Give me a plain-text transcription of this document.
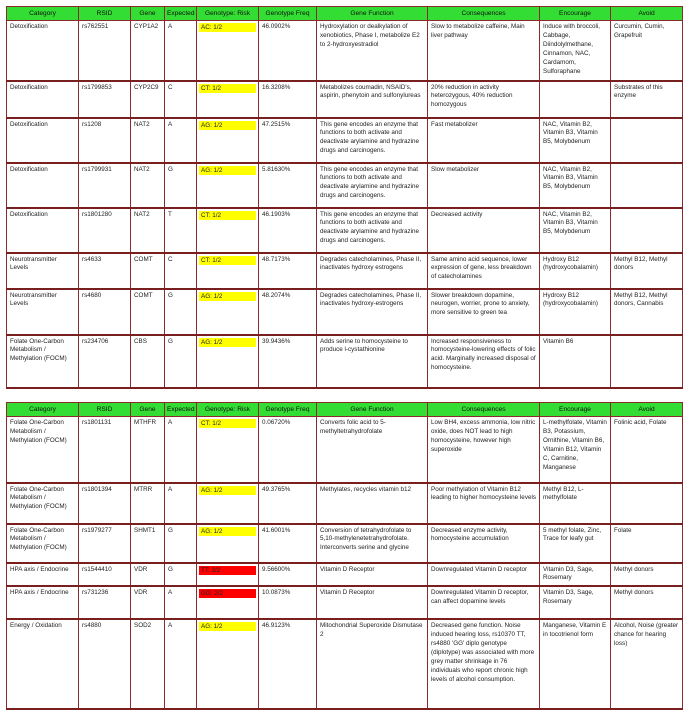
Category	RSID	Gene	Expected	Genotype: Risk	Genotype Freq	Gene Function	Consequences	Encourage	Avoid
Detoxification	rs762551	CYP1A2	A	AC: 1/2	46.0902%	Hydroxylation or dealkylation of xenobiotics, Phase I, metabolize E2 to 2-hydroxyestradiol	Slow to metabolize caffeine, Main liver pathway	Induce with broccoli, Cabbage, Diindolylmethane, Cinnamon, NAC, Cardamom, Sulforaphane	Curcumin, Cumin, Grapefruit
Detoxification	rs1799853	CYP2C9	C	CT: 1/2	16.3208%	Metabolizes coumadin, NSAID's, aspirin, phenytoin and sulfonylureas	20% reduction in activity heterozygous, 40% reduction homozygous		Substrates of this enzyme
Detoxification	rs1208	NAT2	A	AG: 1/2	47.2515%	This gene encodes an enzyme that functions to both activate and deactivate arylamine and hydrazine drugs and carcinogens.	Fast metabolizer	NAC, Vitamin B2, Vitamin B3, Vitamin B5, Molybdenum	
Detoxification	rs1799931	NAT2	G	AG: 1/2	5.81630%	This gene encodes an enzyme that functions to both activate and deactivate arylamine and hydrazine drugs and carcinogens.	Slow metabolizer	NAC, Vitamin B2, Vitamin B3, Vitamin B5, Molybdenum	
Detoxification	rs1801280	NAT2	T	CT: 1/2	46.1903%	This gene encodes an enzyme that functions to both activate and deactivate arylamine and hydrazine drugs and carcinogens.	Decreased activity	NAC, Vitamin B2, Vitamin B3, Vitamin B5, Molybdenum	
Neurotransmitter Levels	rs4633	COMT	C	CT: 1/2	48.7173%	Degrades catecholamines, Phase II, inactivates hydroxy estrogens	Same amino acid sequence, lower expression of gene, less breakdown of catecholamines	Hydroxy B12 (hydroxycobalamin)	Methyl B12, Methyl donors
Neurotransmitter Levels	rs4680	COMT	G	AG: 1/2	48.2074%	Degrades catecholamines, Phase II, inactivates hydroxy-estrogens	Slower breakdown dopamine, neurogen, worrier, prone to anxiety, more sensitive to green tea	Hydroxy B12 (hydroxycobalamin)	Methyl B12, Methyl donors, Cannabis
Folate One-Carbon Metabolism / Methylation (FOCM)	rs234706	CBS	G	AG: 1/2	39.9436%	Adds serine to homocysteine to produce l-cystathionine	Increased responsiveness to homocysteine-lowering effects of folic acid. Marginally increased disposal of homocysteine.	Vitamin B6	
Category	RSID	Gene	Expected	Genotype: Risk	Genotype Freq	Gene Function	Consequences	Encourage	Avoid
Folate One-Carbon Metabolism / Methylation (FOCM)	rs1801131	MTHFR	A	CT: 1/2	0.06720%	Converts folic acid to 5-methyltetrahydrofolate	Low BH4, excess ammonia, low nitric oxide, does NOT lead to high homocysteine, however high superoxide	L-methylfolate, Vitamin B3, Potassium, Ornithine, Vitamin B6, Vitamin B12, Vitamin C, Carnitine, Manganese	Folinic acid, Folate
Folate One-Carbon Metabolism / Methylation (FOCM)	rs1801394	MTRR	A	AG: 1/2	49.3765%	Methylates, recycles vitamin b12	Poor methylation of Vitamin B12 leading to higher homocysteine levels	Methyl B12, L-methylfolate	
Folate One-Carbon Metabolism / Methylation (FOCM)	rs1979277	SHMT1	G	AG: 1/2	41.6001%	Conversion of tetrahydrofolate to 5,10-methylenetetrahydrofolate. Interconverts serine and glycine	Decreased enzyme activity, homocysteine accumulation	5 methyl folate, Zinc, Trace for leafy gut	Folate
HPA axis / Endocrine	rs1544410	VDR	G	TT: 2/2	9.56600%	Vitamin D Receptor	Downregulated Vitamin D receptor	Vitamin D3, Sage, Rosemary	Methyl donors
HPA axis / Endocrine	rs731236	VDR	A	GG: 2/2	10.0873%	Vitamin D Receptor	Downregulated Vitamin D receptor, can affect dopamine levels	Vitamin D3, Sage, Rosemary	Methyl donors
Energy / Oxidation	rs4880	SOD2	A	AG: 1/2	46.9123%	Mitochondrial Superoxide Dismutase 2	Decreased gene function. Noise induced hearing loss, rs10370 TT, rs4880 'GG' diplo genotype (diplotype) was associated with more grey matter shrinkage in 76 individuals who report chronic high levels of alcohol consumption.	Manganese, Vitamin E in tocotrienol form	Alcohol, Noise (greater chance for hearing loss)
